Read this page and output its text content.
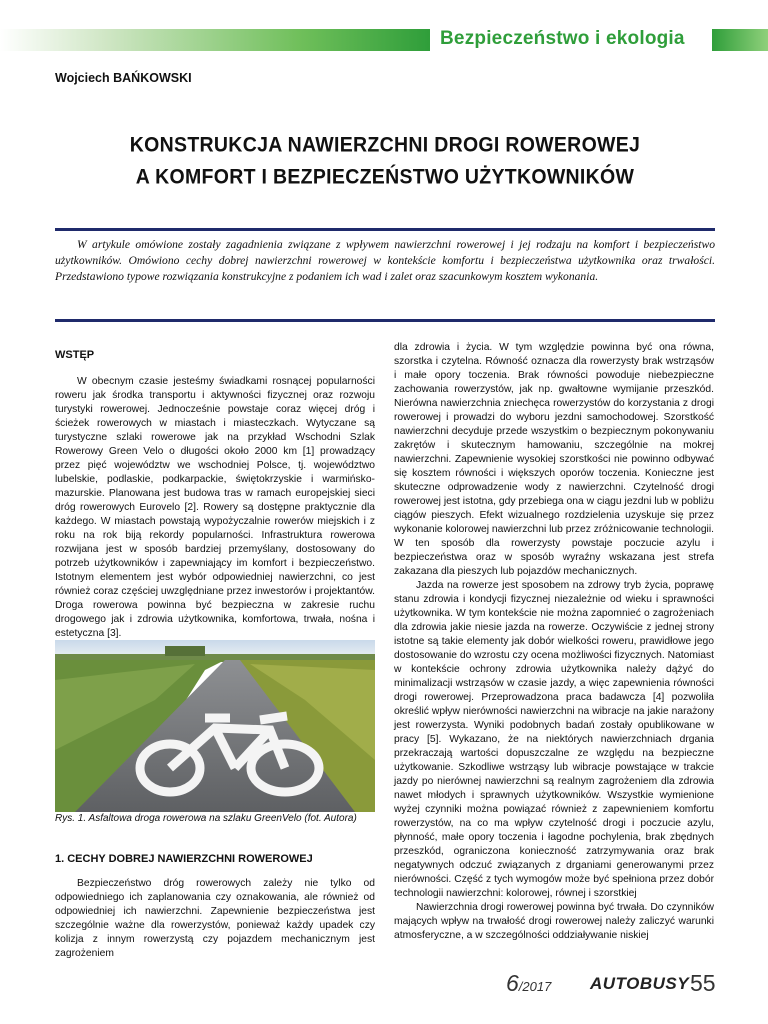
Bezpieczeństwo i ekologia
Wojciech BAŃKOWSKI
KONSTRUKCJA NAWIERZCHNI DROGI ROWEROWEJ
A KOMFORT I BEZPIECZEŃSTWO UŻYTKOWNIKÓW
W artykule omówione zostały zagadnienia związane z wpływem nawierzchni rowerowej i jej rodzaju na komfort i bezpieczeństwo użytkowników. Omówiono cechy dobrej nawierzchni rowerowej w kontekście komfortu i bezpieczeństwa użytkownika oraz trwałości. Przedstawiono typowe rozwiązania konstrukcyjne z podaniem ich wad i zalet oraz szacunkowym kosztem wykonania.
WSTĘP

W obecnym czasie jesteśmy świadkami rosnącej popularności roweru jak środka transportu i aktywności fizycznej oraz rozwoju turystyki rowerowej. Jednocześnie powstaje coraz więcej dróg i ścieżek rowerowych w miastach i miasteczkach. Wytyczane są turystyczne szlaki rowerowe jak na przykład Wschodni Szlak Rowerowy Green Velo o długości około 2000 km [1] prowadzący przez pięć województw we wschodniej Polsce, tj. województwo lubelskie, podlaskie, podkarpackie, świętokrzyskie i warmińsko-mazurskie. Planowana jest budowa tras w ramach europejskiej sieci dróg rowerowych Eurovelo [2]. Rowery są dostępne praktycznie dla każdego. W miastach powstają wypożyczalnie rowerów miejskich i z roku na rok biją rekordy popularności. Infrastruktura rowerowa rozwijana jest w sposób bardziej przemyślany, dostosowany do potrzeb użytkowników i zapewniający im komfort i bezpieczeństwo. Istotnym elementem jest wybór odpowiedniej nawierzchni, co jest również coraz częściej uwzględniane przez inwestorów i projektantów. Droga rowerowa powinna być bezpieczna w zakresie ruchu drogowego jak i zdrowia użytkownika, komfortowa, trwała, nośna i estetyczna [3].

Rys. 1. Asfaltowa droga rowerowa na szlaku GreenVelo (fot. Autora)
1. CECHY DOBREJ NAWIERZCHNI ROWEROWEJ

Bezpieczeństwo dróg rowerowych zależy nie tylko od odpowiedniego ich zaplanowania czy oznakowania, ale również od odpowiedniej ich nawierzchni. Zapewnienie bezpieczeństwa jest szczególnie ważne dla rowerzystów, ponieważ każdy upadek czy kolizja z innym rowerzystą czy pojazdem mechanicznym jest zagrożeniem

dla zdrowia i życia. W tym względzie powinna być ona równa, szorstka i czytelna. Równość oznacza dla rowerzysty brak wstrząsów i małe opory toczenia. Brak równości powoduje niebezpieczne zachowania rowerzystów, jak np. gwałtowne wymijanie przeszkód. Nierówna nawierzchnia zniechęca rowerzystów do korzystania z drogi rowerowej i prowadzi do wyboru jezdni samochodowej. Szorstkość nawierzchni decyduje przede wszystkim o bezpiecznym pokonywaniu zakrętów i skutecznym hamowaniu, szczególnie na mokrej nawierzchni. Zapewnienie wysokiej szorstkości nie powinno odbywać się kosztem równości i większych oporów toczenia. Konieczne jest skuteczne odprowadzenie wody z nawierzchni. Czytelność drogi rowerowej jest istotna, gdy przebiega ona w ciągu jezdni lub w pobliżu ciągów pieszych. Efekt wizualnego rozdzielenia uzyskuje się przez wykonanie kolorowej nawierzchni lub przez zróżnicowanie technologii. W ten sposób dla rowerzysty powstaje poczucie azylu i bezpieczeństwa oraz w sposób wyraźny wskazana jest strefa zakazana dla pieszych lub pojazdów mechanicznych.

Jazda na rowerze jest sposobem na zdrowy tryb życia, poprawę stanu zdrowia i kondycji fizycznej niezależnie od wieku i sprawności użytkownika. W tym kontekście nie można zapomnieć o zagrożeniach dla zdrowia jakie niesie jazda na rowerze. Oczywiście z jednej strony istotne są takie elementy jak dobór wielkości roweru, prawidłowe jego dostosowanie do wzrostu czy ocena możliwości fizycznych. Natomiast w kontekście ochrony zdrowia użytkownika należy dążyć do minimalizacji wstrząsów w czasie jazdy, a więc zapewnienia równości drogi rowerowej. Przeprowadzona praca badawcza [4] pozwoliła określić wpływ nierówności nawierzchni na wibracje na jakie narażony jest rowerzysta. Wyniki podobnych badań zostały opublikowane w pracy [5]. Wykazano, że na niektórych nawierzchniach drgania przekraczają wartości dopuszczalne ze względu na bezpieczne użytkowanie. Szkodliwe wstrząsy lub wibracje powstające w trakcie jazdy po nierównej nawierzchni są realnym zagrożeniem dla zdrowia nawet młodych i sprawnych użytkowników. Wszystkie wymienione wyżej czynniki można powiązać również z zapewnieniem komfortu rowerzystów, na co ma wpływ czytelność drogi i poczucie azylu, płynność, małe opory toczenia i łagodne pochylenia, brak zbędnych przeszkód, ograniczona konieczność zatrzymywania oraz brak negatywnych odczuć związanych z drganiami generowanymi przez nierówności. Część z tych wymogów może być spełniona przez dobór technologii nawierzchni: kolorowej, równej i szorstkiej

Nawierzchnia drogi rowerowej powinna być trwała. Do czynników mających wpływ na trwałość drogi rowerowej należy zaliczyć warunki atmosferyczne, a w szczególności oddziaływanie niskiej

6/2017 AUTOBUSY 55
